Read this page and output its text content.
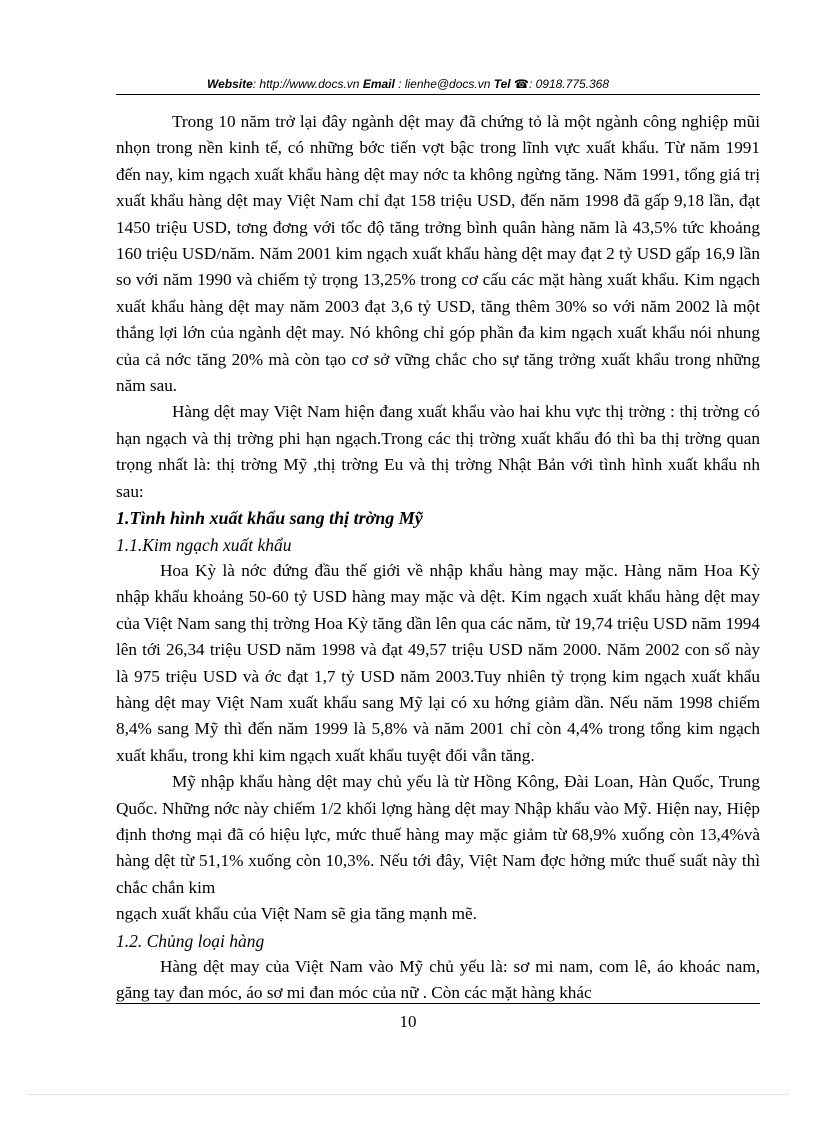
Website: http://www.docs.vn Email : lienhe@docs.vn Tel ☎: 0918.775.368

Trong 10 năm trở lại đây ngành dệt may đã chứng tỏ là một ngành công nghiệp mũi nhọn trong nền kinh tế, có những bớc tiến vợt bậc trong lĩnh vực xuất khẩu. Từ năm 1991 đến nay, kim ngạch xuất khẩu hàng dệt may nớc ta không ngừng tăng. Năm 1991, tổng giá trị xuất khẩu hàng dệt may Việt Nam chỉ đạt 158 triệu USD, đến năm 1998 đã gấp 9,18 lần, đạt 1450 triệu USD, tơng đơng với tốc độ tăng trởng bình quân hàng năm là 43,5% tức khoảng 160 triệu USD/năm. Năm 2001 kim ngạch xuất khẩu hàng dệt may đạt 2 tỷ USD gấp 16,9 lần so với năm 1990 và chiếm tỷ trọng 13,25% trong cơ cấu các mặt hàng xuất khẩu. Kim ngạch xuất khẩu hàng dệt may năm 2003 đạt 3,6 tỷ USD, tăng thêm 30% so với năm 2002 là một thắng lợi lớn của ngành dệt may. Nó không chỉ góp phần đa kim ngạch xuất khẩu nói nhung của cả nớc tăng 20% mà còn tạo cơ sở vững chắc cho sự tăng trởng xuất khẩu trong những năm sau.

Hàng dệt may Việt Nam hiện đang xuất khẩu vào hai khu vực thị trờng : thị trờng có hạn ngạch và thị trờng phi hạn ngạch.Trong các thị trờng xuất khẩu đó thì ba thị trờng quan trọng nhất là: thị trờng Mỹ ,thị trờng Eu và thị trờng Nhật Bản với tình hình xuất khẩu nh sau:

1.Tình hình xuất khẩu sang thị trờng Mỹ

1.1.Kim ngạch xuất khẩu

Hoa Kỳ là nớc đứng đầu thế giới về nhập khẩu hàng may mặc. Hàng năm Hoa Kỳ nhập khẩu khoảng 50-60 tỷ USD hàng may mặc và dệt. Kim ngạch xuất khẩu hàng dệt may của Việt Nam sang thị trờng Hoa Kỳ tăng dần lên qua các năm, từ 19,74 triệu USD năm 1994 lên tới 26,34 triệu USD năm 1998 và đạt 49,57 triệu USD năm 2000. Năm 2002 con số này là 975 triệu USD và ớc đạt 1,7 tỷ USD năm 2003.Tuy nhiên tỷ trọng kim ngạch xuất khẩu hàng dệt may Việt Nam xuất khẩu sang Mỹ lại có xu hớng giảm dần. Nếu năm 1998 chiếm 8,4% sang Mỹ thì đến năm 1999 là 5,8% và năm 2001 chỉ còn 4,4% trong tổng kim ngạch xuất khẩu, trong khi kim ngạch xuất khẩu tuyệt đối vẫn tăng.

Mỹ nhập khẩu hàng dệt may chủ yếu là từ Hồng Kông, Đài Loan, Hàn Quốc, Trung Quốc. Những nớc này chiếm 1/2 khối lợng hàng dệt may Nhập khẩu vào Mỹ. Hiện nay, Hiệp định thơng mại đã có hiệu lực, mức thuế hàng may mặc giảm từ 68,9% xuống còn 13,4%và hàng dệt từ 51,1% xuống còn 10,3%. Nếu tới đây, Việt Nam đợc hởng mức thuế suất này thì chắc chắn kim

ngạch xuất khẩu của Việt Nam sẽ gia tăng mạnh mẽ.

1.2. Chủng loại hàng

Hàng dệt may của Việt Nam vào Mỹ chủ yếu là: sơ mi nam, com lê, áo khoác nam, găng tay đan móc, áo sơ mi đan móc của nữ . Còn các mặt hàng khác

10
